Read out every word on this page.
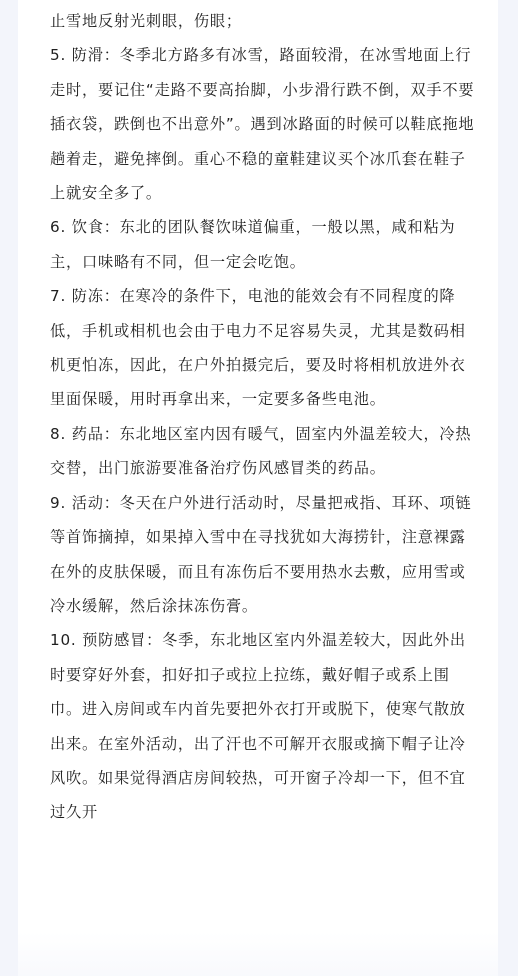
止雪地反射光刺眼，伤眼；

5. 防滑：冬季北方路多有冰雪，路面较滑，在冰雪地面上行走时，要记住“走路不要高抬脚，小步滑行跌不倒，双手不要插衣袋，跌倒也不出意外”。遇到冰路面的时候可以鞋底拖地趟着走，避免摔倒。重心不稳的童鞋建议买个冰爪套在鞋子上就安全多了。

6. 饮食：东北的团队餐饮味道偏重，一般以黑，咸和粘为主，口味略有不同，但一定会吃饱。

7. 防冻：在寒冷的条件下，电池的能效会有不同程度的降低，手机或相机也会由于电力不足容易失灵，尤其是数码相机更怕冻，因此，在户外拍摄完后，要及时将相机放进外衣里面保暖，用时再拿出来，一定要多备些电池。

8. 药品：东北地区室内因有暖气，固室内外温差较大，冷热交替，出门旅游要准备治疗伤风感冒类的药品。

9. 活动：冬天在户外进行活动时，尽量把戒指、耳环、项链等首饰摘掉，如果掉入雪中在寻找犹如大海捞针，注意裸露在外的皮肤保暖，而且有冻伤后不要用热水去敷，应用雪或冷水缓解，然后涂抹冻伤膏。

10. 预防感冒：冬季，东北地区室内外温差较大，因此外出时要穿好外套，扣好扣子或拉上拉练，戴好帽子或系上围巾。进入房间或车内首先要把外衣打开或脱下，使寒气散放出来。在室外活动，出了汗也不可解开衣服或摘下帽子让冷风吹。如果觉得酒店房间较热，可开窗子冷却一下，但不宜过久开
